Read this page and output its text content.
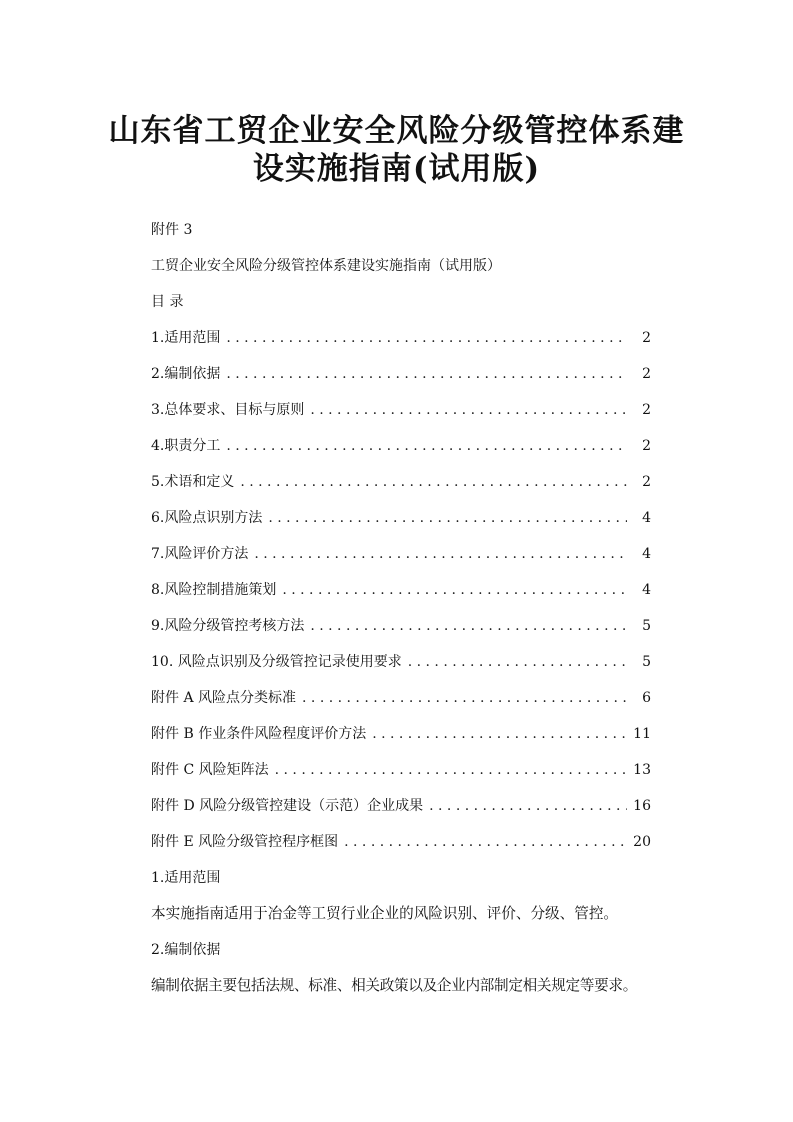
山东省工贸企业安全风险分级管控体系建
设实施指南(试用版)
附件 3
工贸企业安全风险分级管控体系建设实施指南（试用版）
目 录
1.适用范围 . . .	2
2.编制依据 . . .	2
3.总体要求、目标与原则 . . .	2
4.职责分工 . . .	2
5.术语和定义 . . .	2
6.风险点识别方法 . . .	4
7.风险评价方法 . . .	4
8.风险控制措施策划 . . .	4
9.风险分级管控考核方法 . . .	5
10. 风险点识别及分级管控记录使用要求 . . .	5
附件 A 风险点分类标准 . . .	6
附件 B 作业条件风险程度评价方法 . . .	11
附件 C 风险矩阵法 . . .	13
附件 D 风险分级管控建设（示范）企业成果 . . .	16
附件 E 风险分级管控程序框图 . . .	20
1.适用范围
本实施指南适用于冶金等工贸行业企业的风险识别、评价、分级、管控。
2.编制依据
编制依据主要包括法规、标准、相关政策以及企业内部制定相关规定等要求。
